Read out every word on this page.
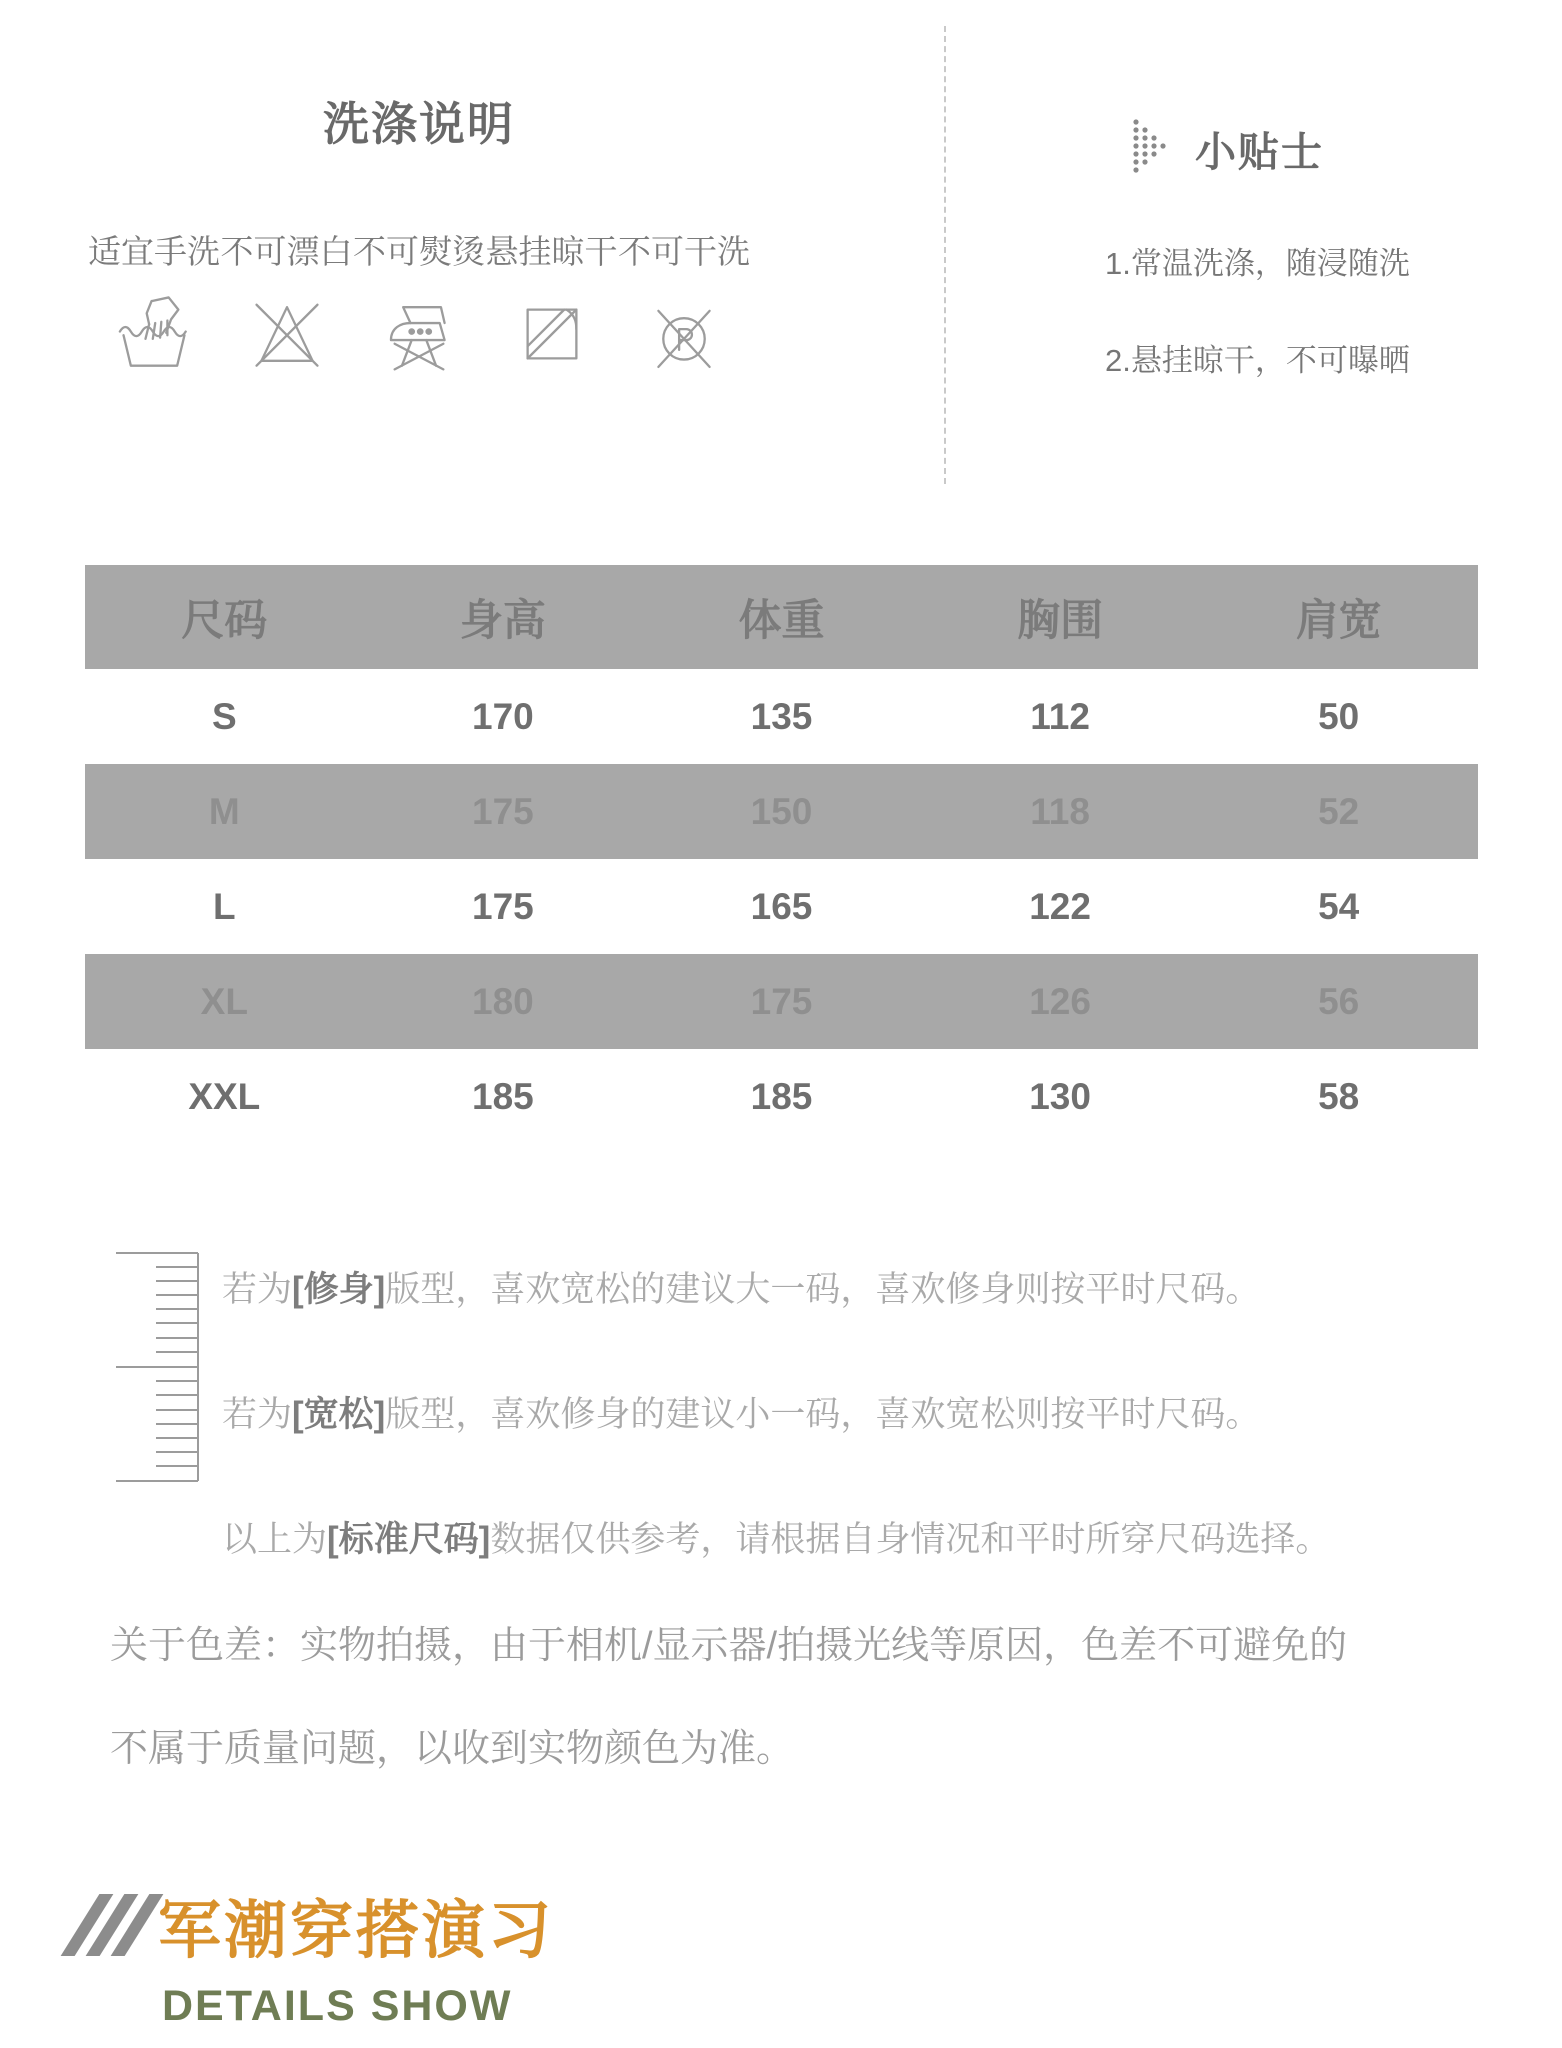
洗涤说明
适宜手洗 不可漂白 不可熨烫 悬挂晾干 不可干洗
小贴士

1.常温洗涤，随浸随洗

2.悬挂晾干，不可曝晒

尺码	身高	体重	胸围	肩宽
S	170	135	112	50
M	175	150	118	52
L	175	165	122	54
XL	180	175	126	56
XXL	185	185	130	58

若为[修身]版型，喜欢宽松的建议大一码，喜欢修身则按平时尺码。

若为[宽松]版型，喜欢修身的建议小一码，喜欢宽松则按平时尺码。

以上为[标准尺码]数据仅供参考，请根据自身情况和平时所穿尺码选择。

关于色差：实物拍摄，由于相机/显示器/拍摄光线等原因，色差不可避免的

不属于质量问题，以收到实物颜色为准。

军潮穿搭演习
DETAILS SHOW
